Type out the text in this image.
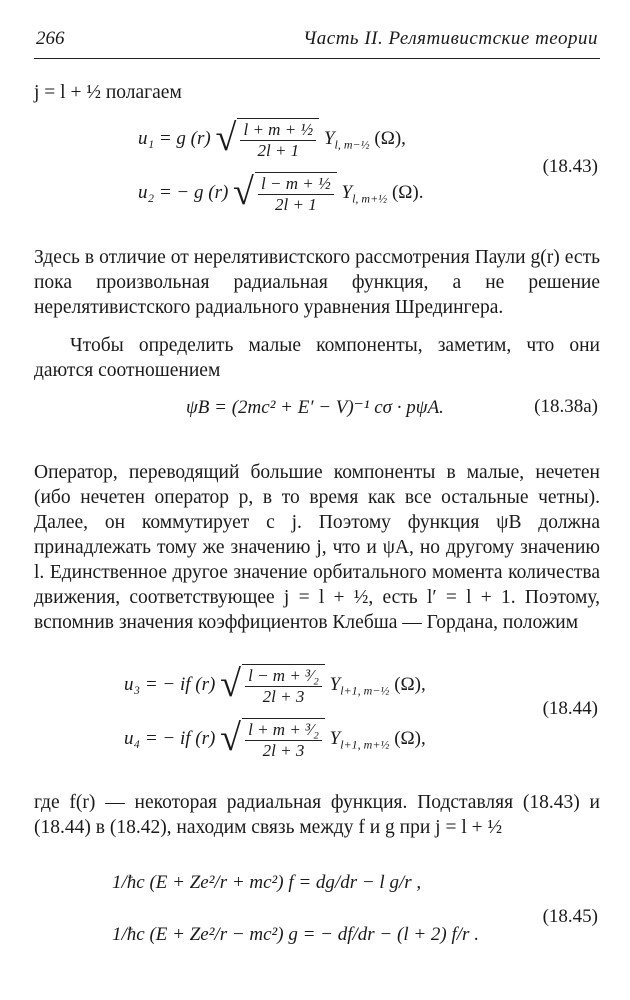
266	Часть II. Релятивистские теории

j = l + ½ полагаем

u₁ = g (r) √ $\frac{\text{l + m + ½}}{2l + 1} Y_{l, m-\frac{1}{2}}$ (Ω),
u₂ = − g (r) √ $\frac{\text{l − m + ½}}{2l + 1} Y_{l, m+\frac{1}{2}}$ (Ω).
(18.43)

Здесь в отличие от нерелятивистского рассмотрения Паули g(r) есть пока произвольная радиальная функция, а не решение нерелятивистского радиального уравнения Шредингера.

Чтобы определить малые компоненты, заметим, что они даются соотношением

ψB = (2mc² + E′ − V)⁻¹ cσ · pψA.	(18.38a)

Оператор, переводящий большие компоненты в малые, нечетен (ибо нечетен оператор p, в то время как все остальные четны). Далее, он коммутирует с j. Поэтому функция ψB должна принадлежать тому же значению j, что и ψA, но другому значению l. Единственное другое значение орбитального момента количества движения, соответствующее j = l + ½, есть l′ = l + 1. Поэтому, вспомнив значения коэффициентов Клебша — Гордана, положим

u₃ = − if (r) √ $\frac{\text{l − m + ³⁄₂}}{2l + 3} Y_{l+1, m-\frac{1}{2}}$ (Ω),
u₄ = − if (r) √ $\frac{\text{l + m + ³⁄₂}}{2l + 3} Y_{l+1, m+\frac{1}{2}}$ (Ω),
(18.44)

где f(r) — некоторая радиальная функция. Подставляя (18.43) и (18.44) в (18.42), находим связь между f и g при j = l + ½

1/ħc (E + Ze²/r + mc²) f = dg/dr − l g/r ,
1/ħc (E + Ze²/r − mc²) g = − df/dr − (l + 2) f/r .
(18.45)
